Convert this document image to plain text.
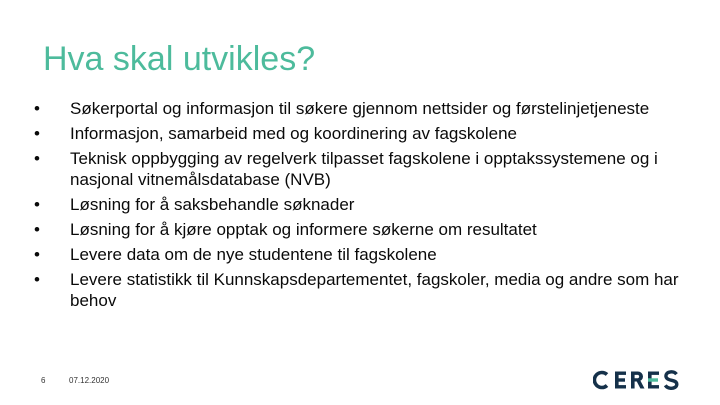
Hva skal utvikles?
•	Søkerportal og informasjon til søkere gjennom nettsider og førstelinjetjeneste
•	Informasjon, samarbeid med og koordinering av fagskolene
•	Teknisk oppbygging av regelverk tilpasset fagskolene i opptakssystemene og i nasjonal vitnemålsdatabase (NVB)
•	Løsning for å saksbehandle søknader
•	Løsning for å kjøre opptak og informere søkerne om resultatet
•	Levere data om de nye studentene til fagskolene
•	Levere statistikk til Kunnskapsdepartementet, fagskoler, media og andre som har behov
6	07.12.2020
